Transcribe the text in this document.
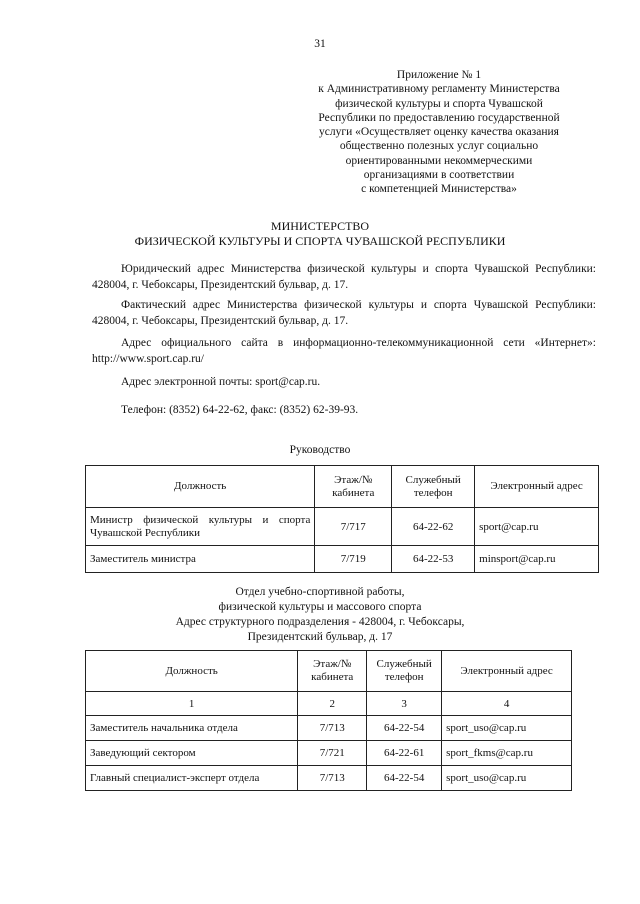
31
Приложение № 1
к Административному регламенту Министерства
физической культуры и спорта Чувашской
Республики по предоставлению государственной
услуги «Осуществляет оценку качества оказания
общественно полезных услуг социально
ориентированными некоммерческими
организациями в соответствии
с компетенцией Министерства»
МИНИСТЕРСТВО
ФИЗИЧЕСКОЙ КУЛЬТУРЫ И СПОРТА ЧУВАШСКОЙ РЕСПУБЛИКИ
Юридический адрес Министерства физической культуры и спорта Чувашской Республики:
428004, г. Чебоксары, Президентский бульвар, д. 17.
Фактический адрес Министерства физической культуры и спорта Чувашской Республики:
428004, г. Чебоксары, Президентский бульвар, д. 17.
Адрес официального сайта в информационно-телекоммуникационной сети «Интернет»:
http://www.sport.cap.ru/
Адрес электронной почты: sport@cap.ru.
Телефон: (8352) 64-22-62, факс: (8352) 62-39-93.
Руководство
Должность	Этаж/№ кабинета	Служебный телефон	Электронный адрес
Министр физической культуры и спорта Чувашской Республики	7/717	64-22-62	sport@cap.ru
Заместитель министра	7/719	64-22-53	minsport@cap.ru
Отдел учебно-спортивной работы,
физической культуры и массового спорта
Адрес структурного подразделения - 428004, г. Чебоксары,
Президентский бульвар, д. 17
Должность	Этаж/№ кабинета	Служебный телефон	Электронный адрес
1	2	3	4
Заместитель начальника отдела	7/713	64-22-54	sport_uso@cap.ru
Заведующий сектором	7/721	64-22-61	sport_fkms@cap.ru
Главный специалист-эксперт отдела	7/713	64-22-54	sport_uso@cap.ru
